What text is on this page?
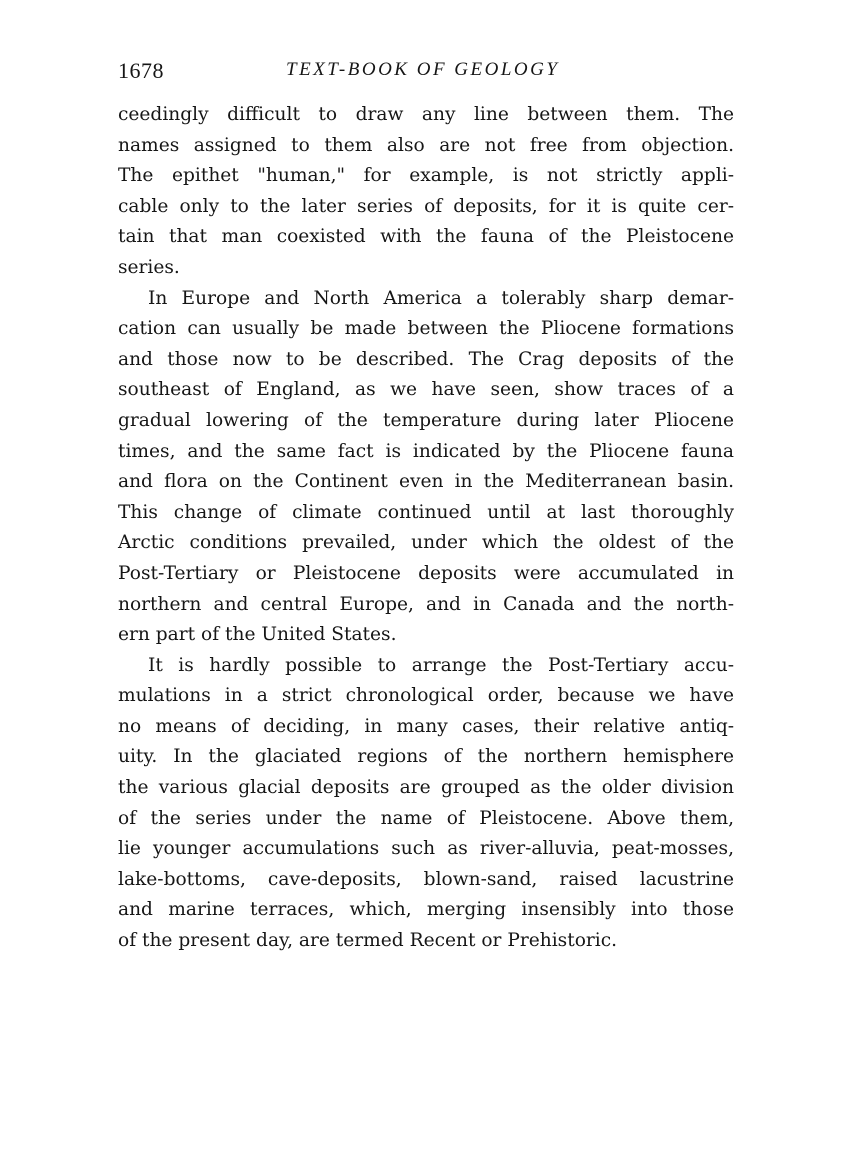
1678	TEXT-BOOK OF GEOLOGY
ceedingly difficult to draw any line between them. The
names assigned to them also are not free from objection.
The epithet "human," for example, is not strictly appli-
cable only to the later series of deposits, for it is quite cer-
tain that man coexisted with the fauna of the Pleistocene
series.
In Europe and North America a tolerably sharp demar-
cation can usually be made between the Pliocene formations
and those now to be described. The Crag deposits of the
southeast of England, as we have seen, show traces of a
gradual lowering of the temperature during later Pliocene
times, and the same fact is indicated by the Pliocene fauna
and flora on the Continent even in the Mediterranean basin.
This change of climate continued until at last thoroughly
Arctic conditions prevailed, under which the oldest of the
Post-Tertiary or Pleistocene deposits were accumulated in
northern and central Europe, and in Canada and the north-
ern part of the United States.
It is hardly possible to arrange the Post-Tertiary accu-
mulations in a strict chronological order, because we have
no means of deciding, in many cases, their relative antiq-
uity. In the glaciated regions of the northern hemisphere
the various glacial deposits are grouped as the older division
of the series under the name of Pleistocene. Above them,
lie younger accumulations such as river-alluvia, peat-mosses,
lake-bottoms, cave-deposits, blown-sand, raised lacustrine
and marine terraces, which, merging insensibly into those
of the present day, are termed Recent or Prehistoric.
